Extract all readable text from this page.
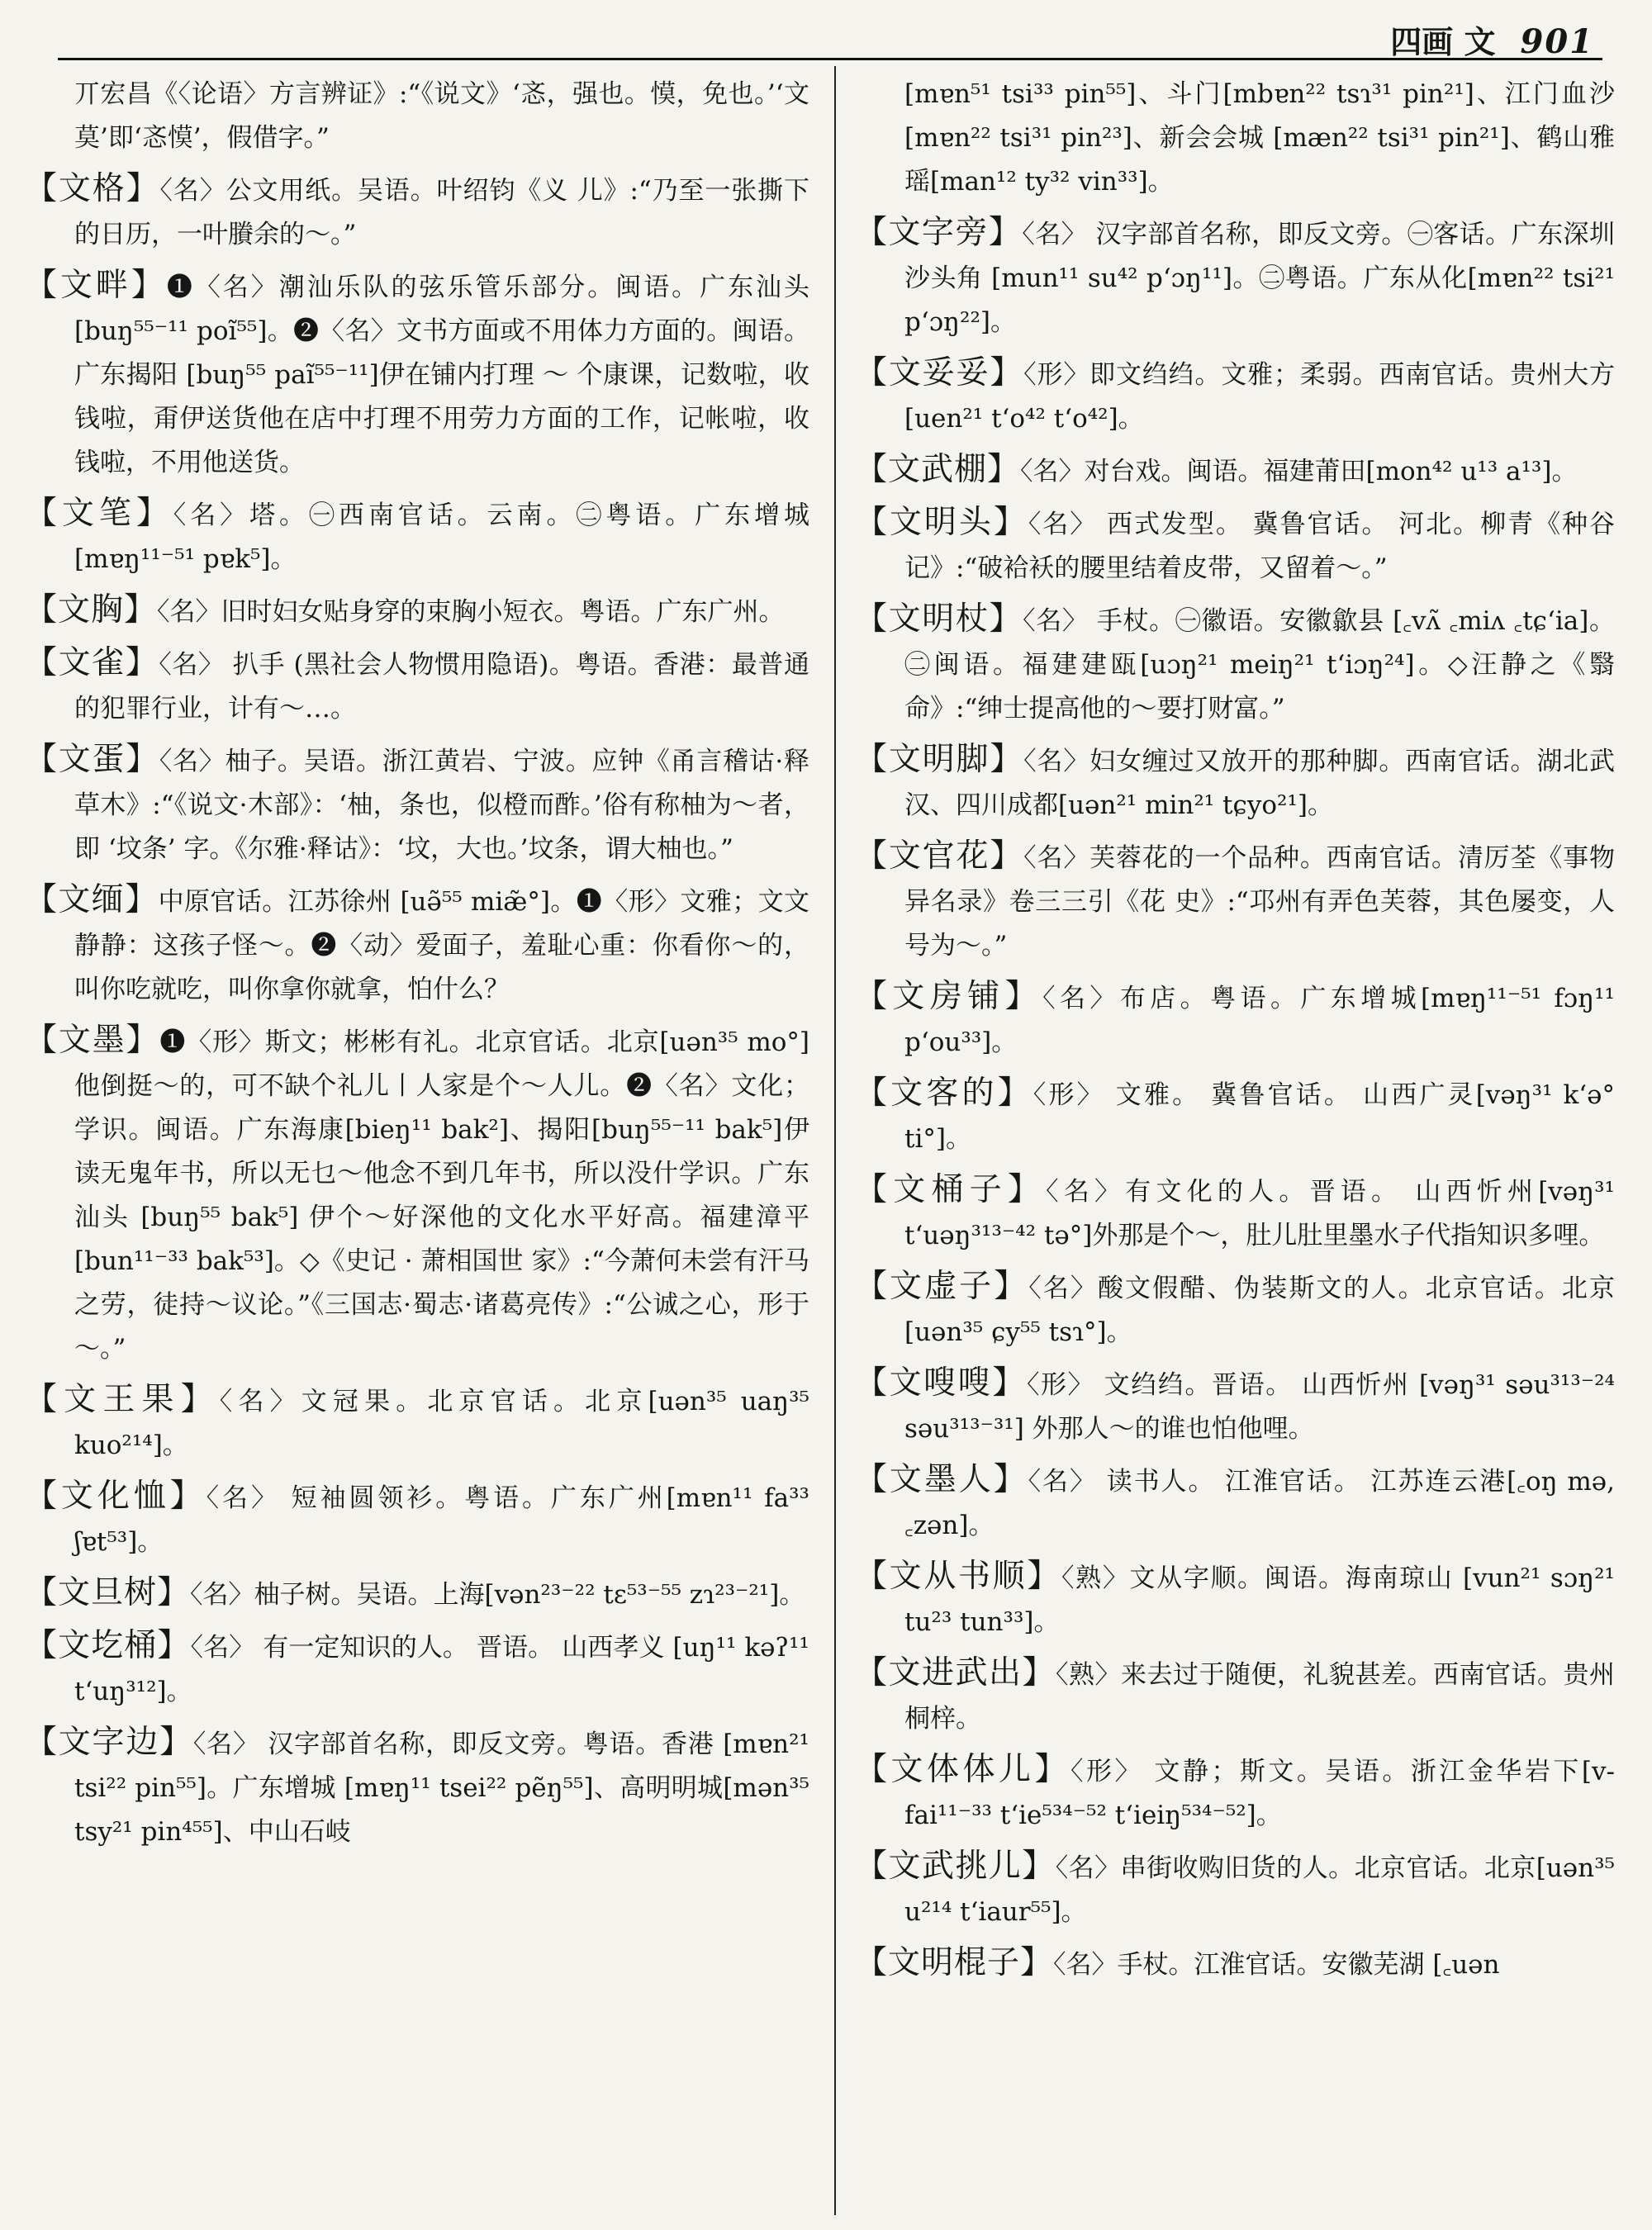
四画 文 901

丌宏昌《〈论语〉方言辨证》:“《说文》‘忞，强也。慔，免也。’‘文莫’即‘忞慔’，假借字。”

【文格】〈名〉公文用纸。吴语。叶绍钧《义 儿》:“乃至一张撕下的日历，一叶賸余的～。”

【文畔】❶〈名〉潮汕乐队的弦乐管乐部分。闽语。广东汕头 [buŋ⁵⁵⁻¹¹ poĩ⁵⁵]。❷〈名〉文书方面或不用体力方面的。闽语。广东揭阳 [buŋ⁵⁵ paĩ⁵⁵⁻¹¹]伊在铺内打理 ～ 个康课，记数啦，收钱啦，甭伊送货他在店中打理不用劳力方面的工作，记帐啦，收钱啦，不用他送货。

【文笔】〈名〉塔。㊀西南官话。云南。㊁粤语。广东增城[mɐŋ¹¹⁻⁵¹ pɐk⁵]。

【文胸】〈名〉旧时妇女贴身穿的束胸小短衣。粤语。广东广州。

【文雀】〈名〉 扒手 (黑社会人物惯用隐语)。粤语。香港：最普通的犯罪行业，计有～…。

【文蛋】〈名〉柚子。吴语。浙江黄岩、宁波。应钟《甬言稽诂·释草木》:“《说文·木部》：‘柚，条也，似橙而酢。’俗有称柚为～者，即 ‘坟条’ 字。《尔雅·释诂》：‘坟，大也。’坟条，谓大柚也。”

【文缅】中原官话。江苏徐州 [uə̃⁵⁵ miæ̃°]。❶〈形〉文雅；文文静静：这孩子怪～。❷〈动〉爱面子，羞耻心重：你看你～的，叫你吃就吃，叫你拿你就拿，怕什么？

【文墨】❶〈形〉斯文；彬彬有礼。北京官话。北京[uən³⁵ mo°]他倒挺～的，可不缺个礼儿丨人家是个～人儿。❷〈名〉文化；学识。闽语。广东海康[bieŋ¹¹ bak²]、揭阳[buŋ⁵⁵⁻¹¹ bak⁵]伊读无鬼年书，所以无乜～他念不到几年书，所以没什学识。广东汕头 [buŋ⁵⁵ bak⁵] 伊个～好深他的文化水平好高。福建漳平[bun¹¹⁻³³ bak⁵³]。◇《史记 · 萧相国世 家》:“今萧何未尝有汗马之劳，徒持～议论。”《三国志·蜀志·诸葛亮传》:“公诚之心，形于～。”

【文王果】〈名〉文冠果。北京官话。北京[uən³⁵ uaŋ³⁵ kuo²¹⁴]。

【文化恤】〈名〉 短袖圆领衫。粤语。广东广州[mɐn¹¹ fa³³ ʃɐt⁵³]。

【文旦树】〈名〉柚子树。吴语。上海[vən²³⁻²² tɛ⁵³⁻⁵⁵ zɿ²³⁻²¹]。

【文圪桶】〈名〉 有一定知识的人。 晋语。 山西孝义 [uŋ¹¹ kəʔ¹¹ tʻuŋ³¹²]。

【文字边】〈名〉 汉字部首名称，即反文旁。粤语。香港 [mɐn²¹ tsi²² pin⁵⁵]。广东增城 [mɐŋ¹¹ tsei²² pẽŋ⁵⁵]、高明明城[mən³⁵ tsy²¹ pin⁴⁵⁵]、中山石岐

[mɐn⁵¹ tsi³³ pin⁵⁵]、斗门[mbɐn²² tsɿ³¹ pin²¹]、江门血沙 [mɐn²² tsi³¹ pin²³]、新会会城 [mæn²² tsi³¹ pin²¹]、鹤山雅瑶[man¹² ty³² vin³³]。

【文字旁】〈名〉 汉字部首名称，即反文旁。㊀客话。广东深圳沙头角 [mun¹¹ su⁴² pʻɔŋ¹¹]。㊁粤语。广东从化[mɐn²² tsi²¹ pʻɔŋ²²]。

【文妥妥】〈形〉即文绉绉。文雅；柔弱。西南官话。贵州大方[uen²¹ tʻo⁴² tʻo⁴²]。

【文武棚】〈名〉对台戏。闽语。福建莆田[mon⁴² u¹³ a¹³]。

【文明头】〈名〉 西式发型。 冀鲁官话。 河北。柳青《种谷记》:“破袷袄的腰里结着皮带，又留着～。”

【文明杖】〈名〉 手杖。㊀徽语。安徽歙县 [꜀vʌ̃ ꜀miʌ ꜀tɕʻia]。㊁闽语。福建建瓯[uɔŋ²¹ meiŋ²¹ tʻiɔŋ²⁴]。◇汪静之《翳命》:“绅士提高他的～要打财富。”

【文明脚】〈名〉妇女缠过又放开的那种脚。西南官话。湖北武汉、四川成都[uən²¹ min²¹ tɕyo²¹]。

【文官花】〈名〉芙蓉花的一个品种。西南官话。清厉荃《事物异名录》卷三三引《花 史》:“邛州有弄色芙蓉，其色屡变，人号为～。”

【文房铺】〈名〉布店。粤语。广东增城[mɐŋ¹¹⁻⁵¹ fɔŋ¹¹ pʻou³³]。

【文客的】〈形〉 文雅。 冀鲁官话。 山西广灵[vəŋ³¹ kʻə° ti°]。

【文桶子】〈名〉有文化的人。晋语。 山西忻州[vəŋ³¹ tʻuəŋ³¹³⁻⁴² tə°]外那是个～，肚儿肚里墨水子代指知识多哩。

【文虚子】〈名〉酸文假醋、伪装斯文的人。北京官话。北京[uən³⁵ ɕy⁵⁵ tsɿ°]。

【文嗖嗖】〈形〉 文绉绉。晋语。 山西忻州 [vəŋ³¹ səu³¹³⁻²⁴ səu³¹³⁻³¹] 外那人～的谁也怕他哩。

【文墨人】〈名〉 读书人。 江淮官话。 江苏连云港[꜀oŋ mə, ꜀zən]。

【文从书顺】〈熟〉文从字顺。闽语。海南琼山 [vun²¹ sɔŋ²¹ tu²³ tun³³]。

【文进武出】〈熟〉来去过于随便，礼貌甚差。西南官话。贵州桐梓。

【文体体儿】〈形〉 文静；斯文。吴语。浙江金华岩下[v-fai¹¹⁻³³ tʻie⁵³⁴⁻⁵² tʻieiŋ⁵³⁴⁻⁵²]。

【文武挑儿】〈名〉串街收购旧货的人。北京官话。北京[uən³⁵ u²¹⁴ tʻiaur⁵⁵]。

【文明棍子】〈名〉手杖。江淮官话。安徽芜湖 [꜀uən
